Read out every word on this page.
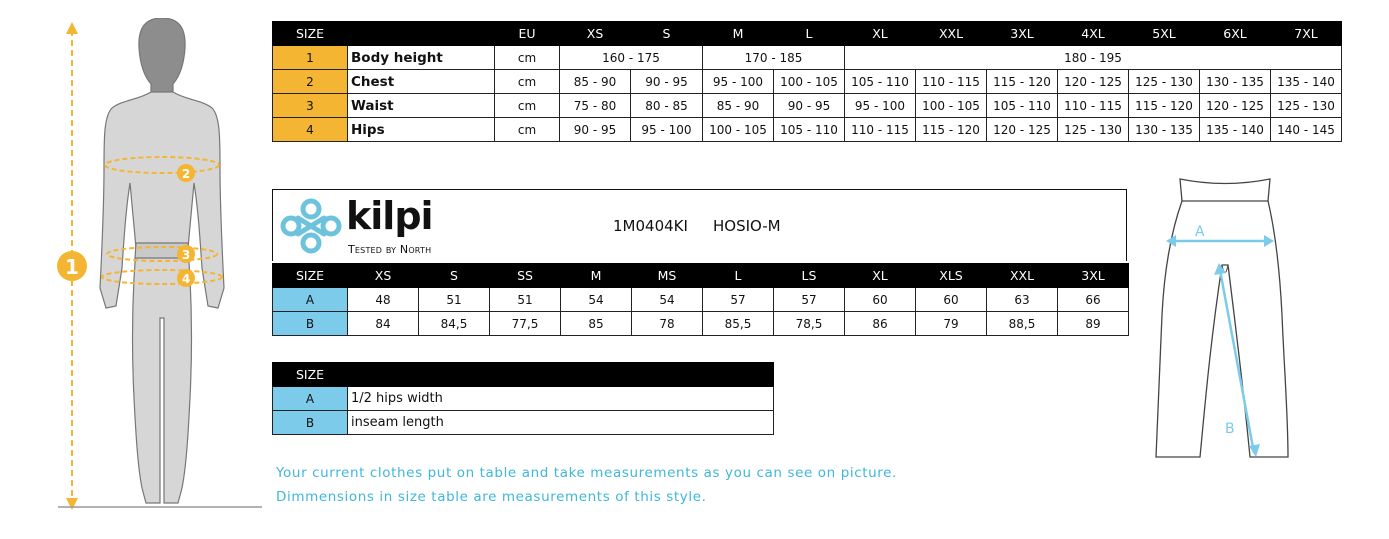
1
2
3
4
SIZE		EU	XS	S	M	L	XL	XXL	3XL	4XL	5XL	6XL	7XL
1	Body height	cm	160 - 175		170 - 185		180 - 195						
2	Chest	cm	85 - 90	90 - 95	95 - 100	100 - 105	105 - 110	110 - 115	115 - 120	120 - 125	125 - 130	130 - 135	135 - 140
3	Waist	cm	75 - 80	80 - 85	85 - 90	90 - 95	95 - 100	100 - 105	105 - 110	110 - 115	115 - 120	120 - 125	125 - 130
4	Hips	cm	90 - 95	95 - 100	100 - 105	105 - 110	110 - 115	115 - 120	120 - 125	125 - 130	130 - 135	135 - 140	140 - 145
kilpi
Tested by North
1M0404KI HOSIO-M
SIZE	XS	S	SS	M	MS	L	LS	XL	XLS	XXL	3XL
A	48	51	51	54	54	57	57	60	60	63	66
B	84	84,5	77,5	85	78	85,5	78,5	86	79	88,5	89
SIZE	
A	1/2 hips width
B	inseam length
A
B
Your current clothes put on table and take measurements as you can see on picture.
Dimmensions in size table are measurements of this style.
